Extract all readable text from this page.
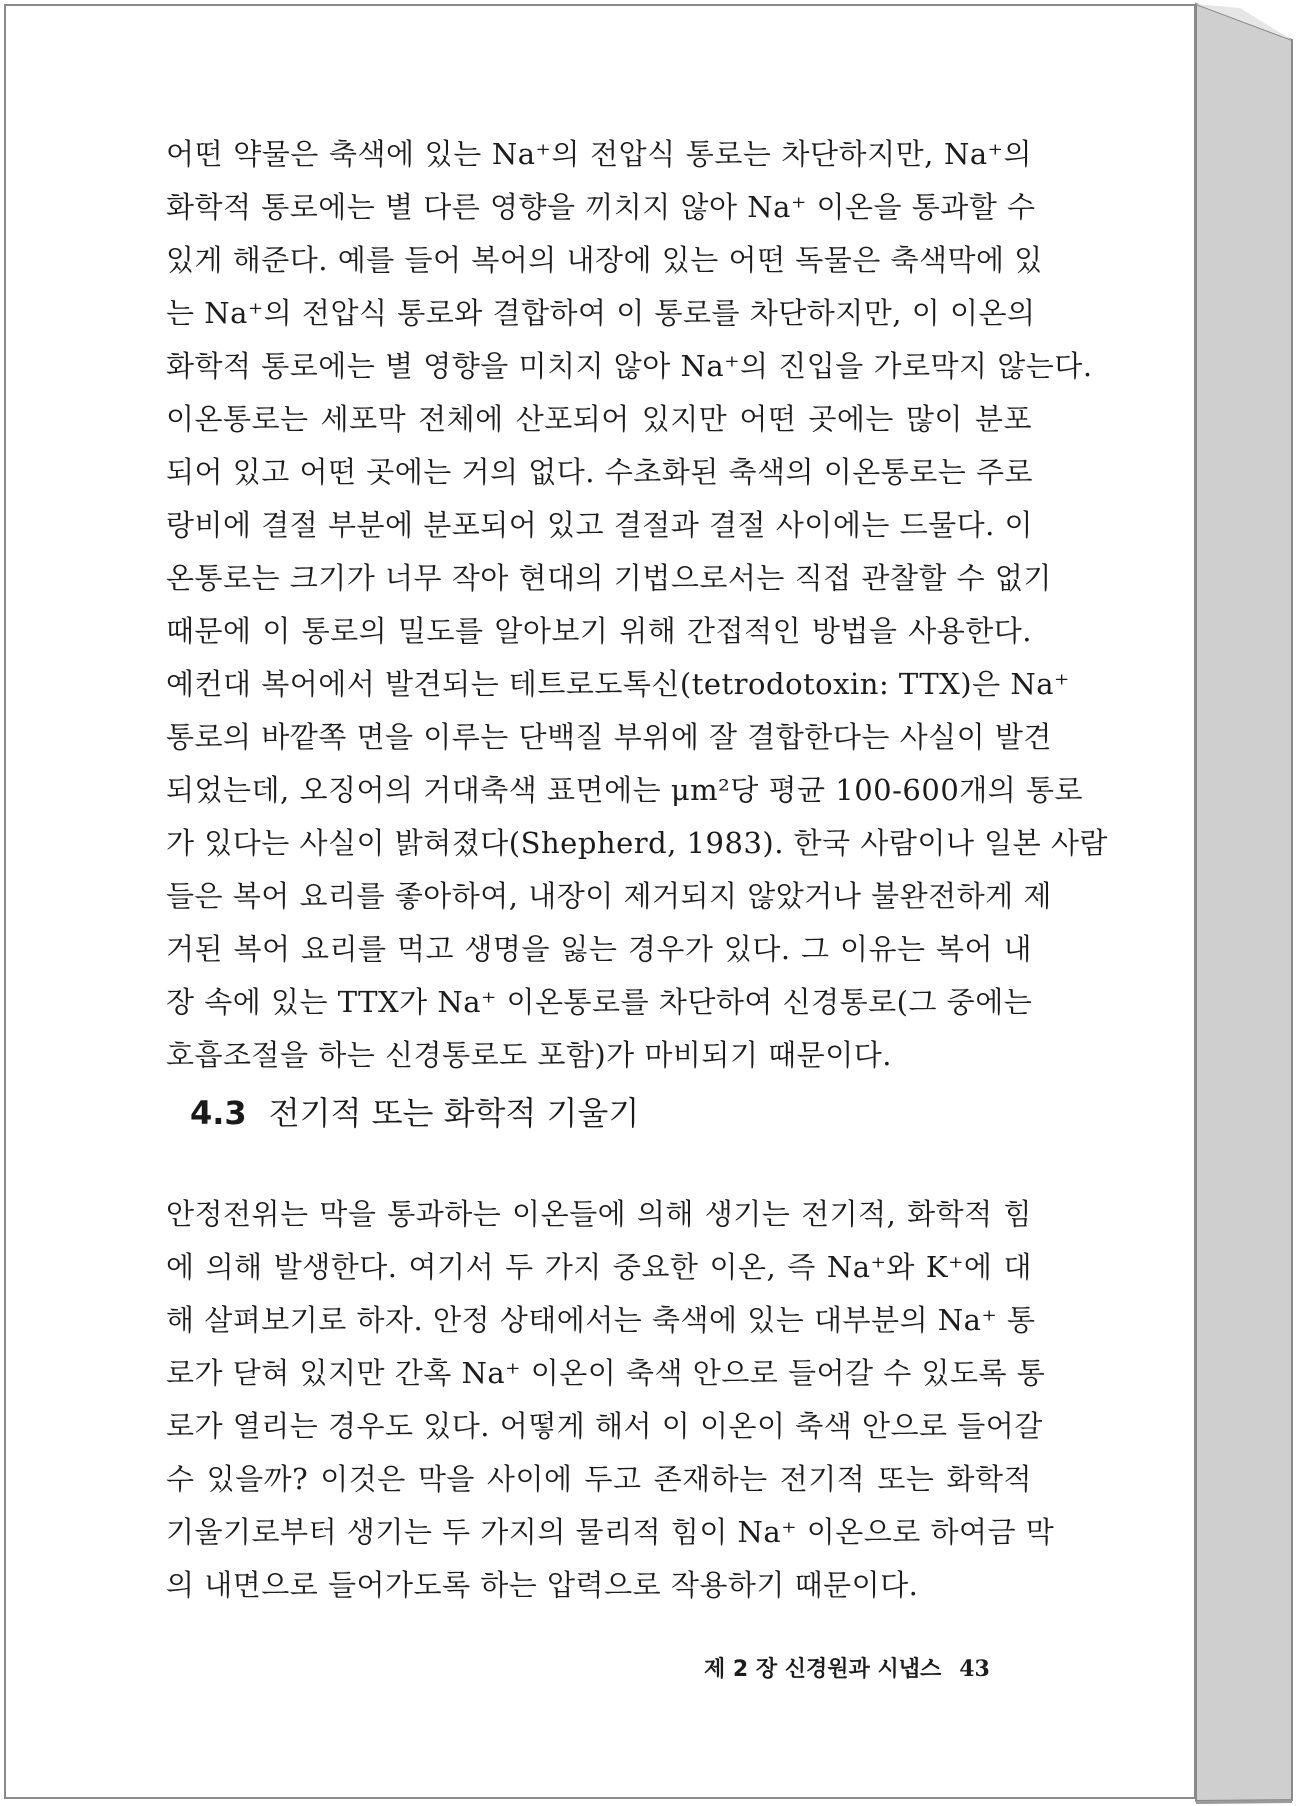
어떤 약물은 축색에 있는 Na⁺의 전압식 통로는 차단하지만, Na⁺의
화학적 통로에는 별 다른 영향을 끼치지 않아 Na⁺ 이온을 통과할 수
있게 해준다. 예를 들어 복어의 내장에 있는 어떤 독물은 축색막에 있
는 Na⁺의 전압식 통로와 결합하여 이 통로를 차단하지만, 이 이온의
화학적 통로에는 별 영향을 미치지 않아 Na⁺의 진입을 가로막지 않는다.
이온통로는 세포막 전체에 산포되어 있지만 어떤 곳에는 많이 분포
되어 있고 어떤 곳에는 거의 없다. 수초화된 축색의 이온통로는 주로
랑비에 결절 부분에 분포되어 있고 결절과 결절 사이에는 드물다. 이
온통로는 크기가 너무 작아 현대의 기법으로서는 직접 관찰할 수 없기
때문에 이 통로의 밀도를 알아보기 위해 간접적인 방법을 사용한다.
예컨대 복어에서 발견되는 테트로도톡신(tetrodotoxin: TTX)은 Na⁺
통로의 바깥쪽 면을 이루는 단백질 부위에 잘 결합한다는 사실이 발견
되었는데, 오징어의 거대축색 표면에는 μm²당 평균 100-600개의 통로
가 있다는 사실이 밝혀졌다(Shepherd, 1983). 한국 사람이나 일본 사람
들은 복어 요리를 좋아하여, 내장이 제거되지 않았거나 불완전하게 제
거된 복어 요리를 먹고 생명을 잃는 경우가 있다. 그 이유는 복어 내
장 속에 있는 TTX가 Na⁺ 이온통로를 차단하여 신경통로(그 중에는
호흡조절을 하는 신경통로도 포함)가 마비되기 때문이다.
4.3 전기적 또는 화학적 기울기
안정전위는 막을 통과하는 이온들에 의해 생기는 전기적, 화학적 힘
에 의해 발생한다. 여기서 두 가지 중요한 이온, 즉 Na⁺와 K⁺에 대
해 살펴보기로 하자. 안정 상태에서는 축색에 있는 대부분의 Na⁺ 통
로가 닫혀 있지만 간혹 Na⁺ 이온이 축색 안으로 들어갈 수 있도록 통
로가 열리는 경우도 있다. 어떻게 해서 이 이온이 축색 안으로 들어갈
수 있을까? 이것은 막을 사이에 두고 존재하는 전기적 또는 화학적
기울기로부터 생기는 두 가지의 물리적 힘이 Na⁺ 이온으로 하여금 막
의 내면으로 들어가도록 하는 압력으로 작용하기 때문이다.
제 2 장 신경원과 시냅스 43
